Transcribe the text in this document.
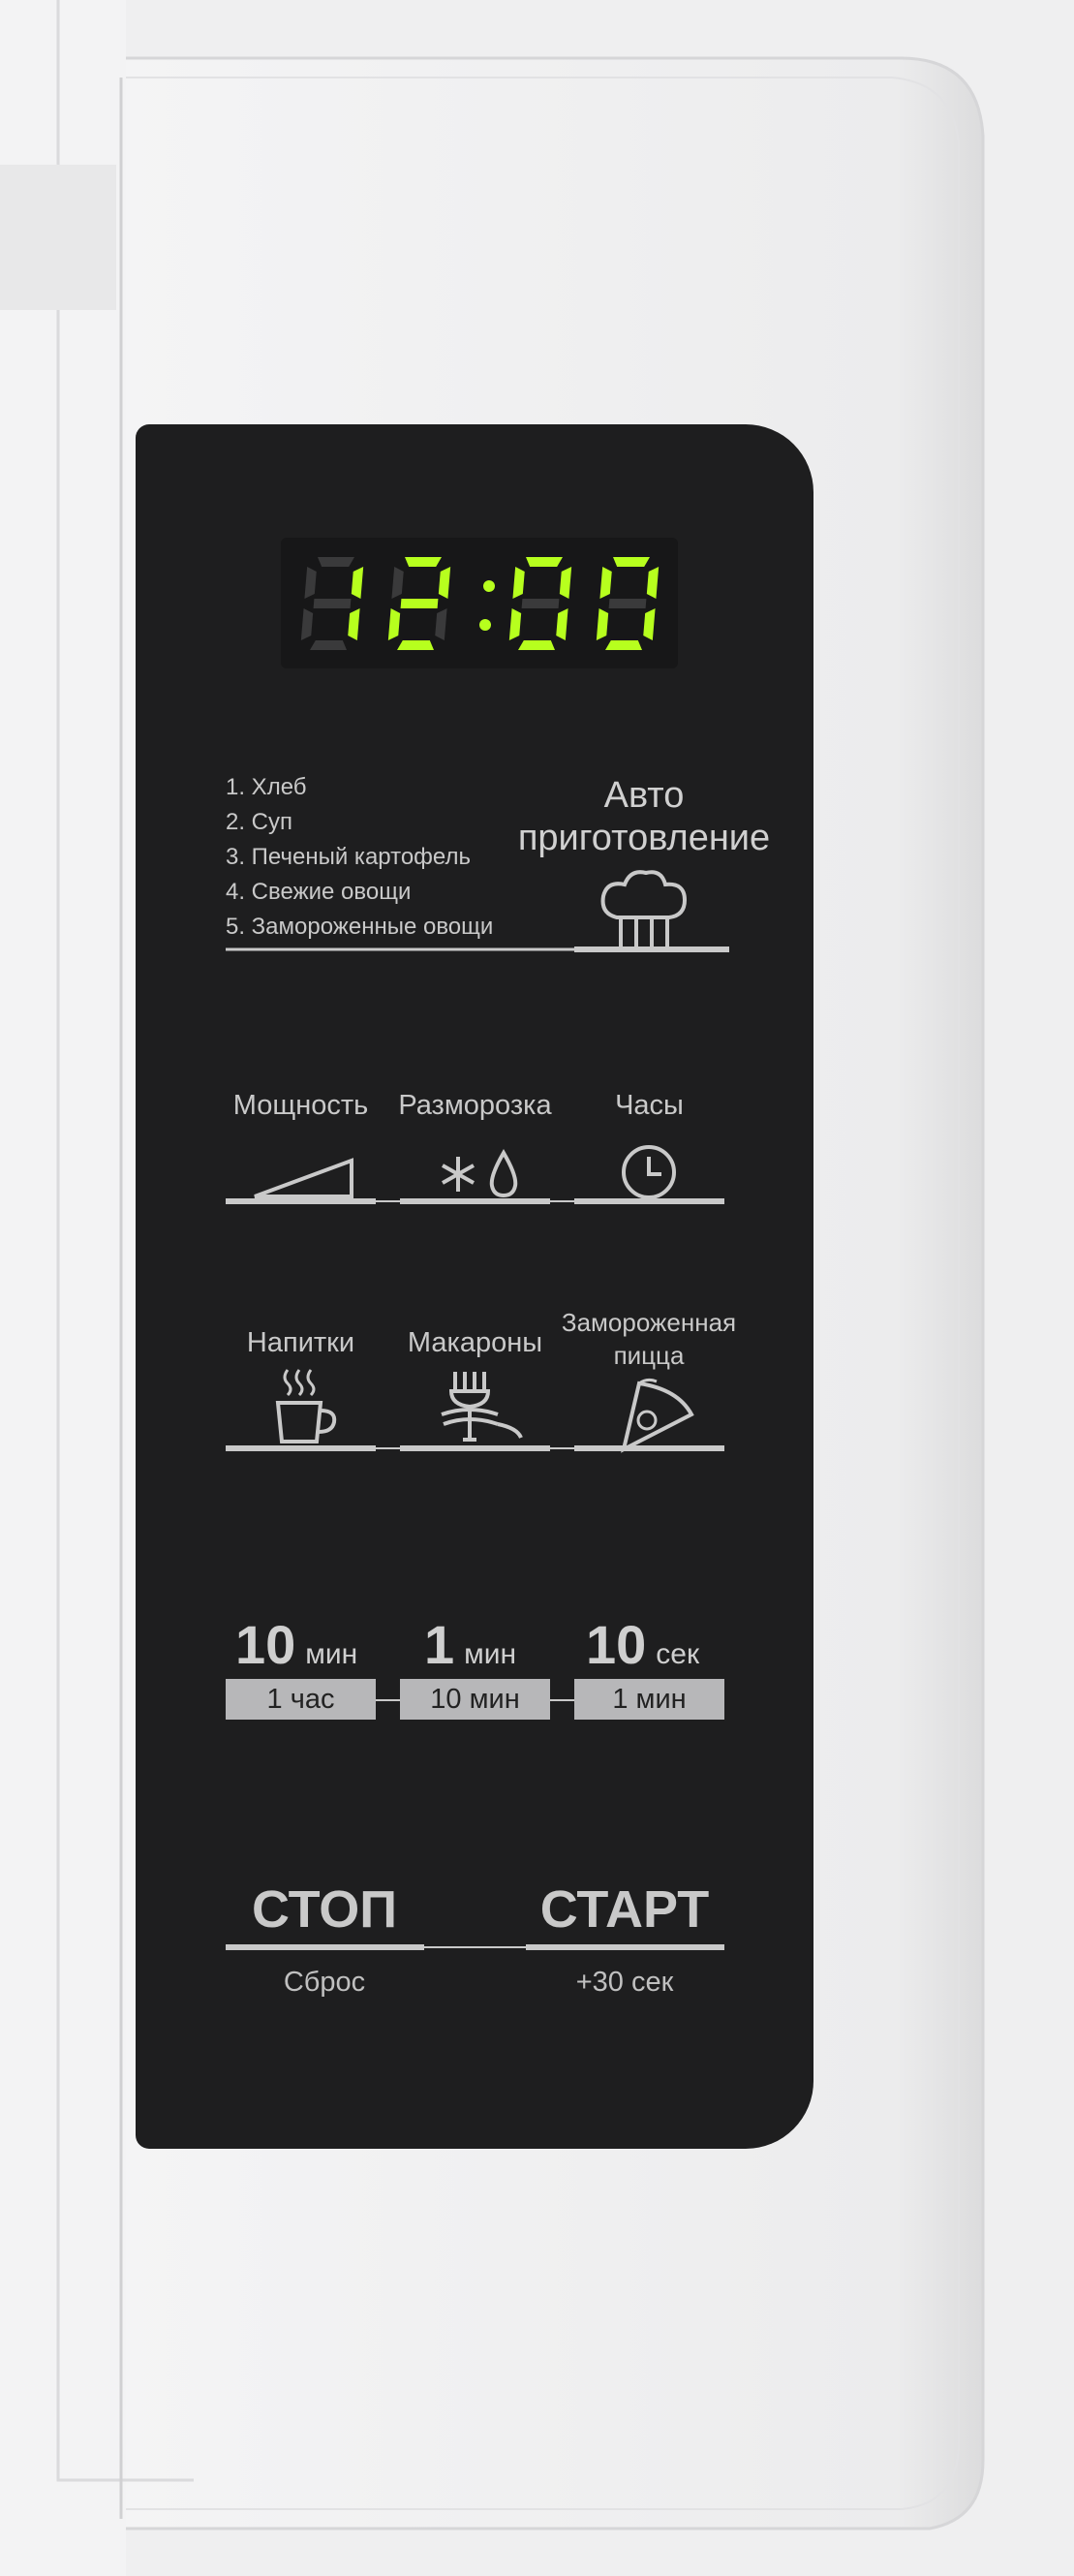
1. Хлеб
2. Суп
3. Печеный картофель
4. Свежие овощи
5. Замороженные овощи
Авто
приготовление
Мощность	Разморозка	Часы
Напитки	Макароны
Замороженная
пицца
10 мин 1 мин 10 сек
1 час	10 мин	1 мин
СТОП	СТАРТ
Сброс	+30 сек
